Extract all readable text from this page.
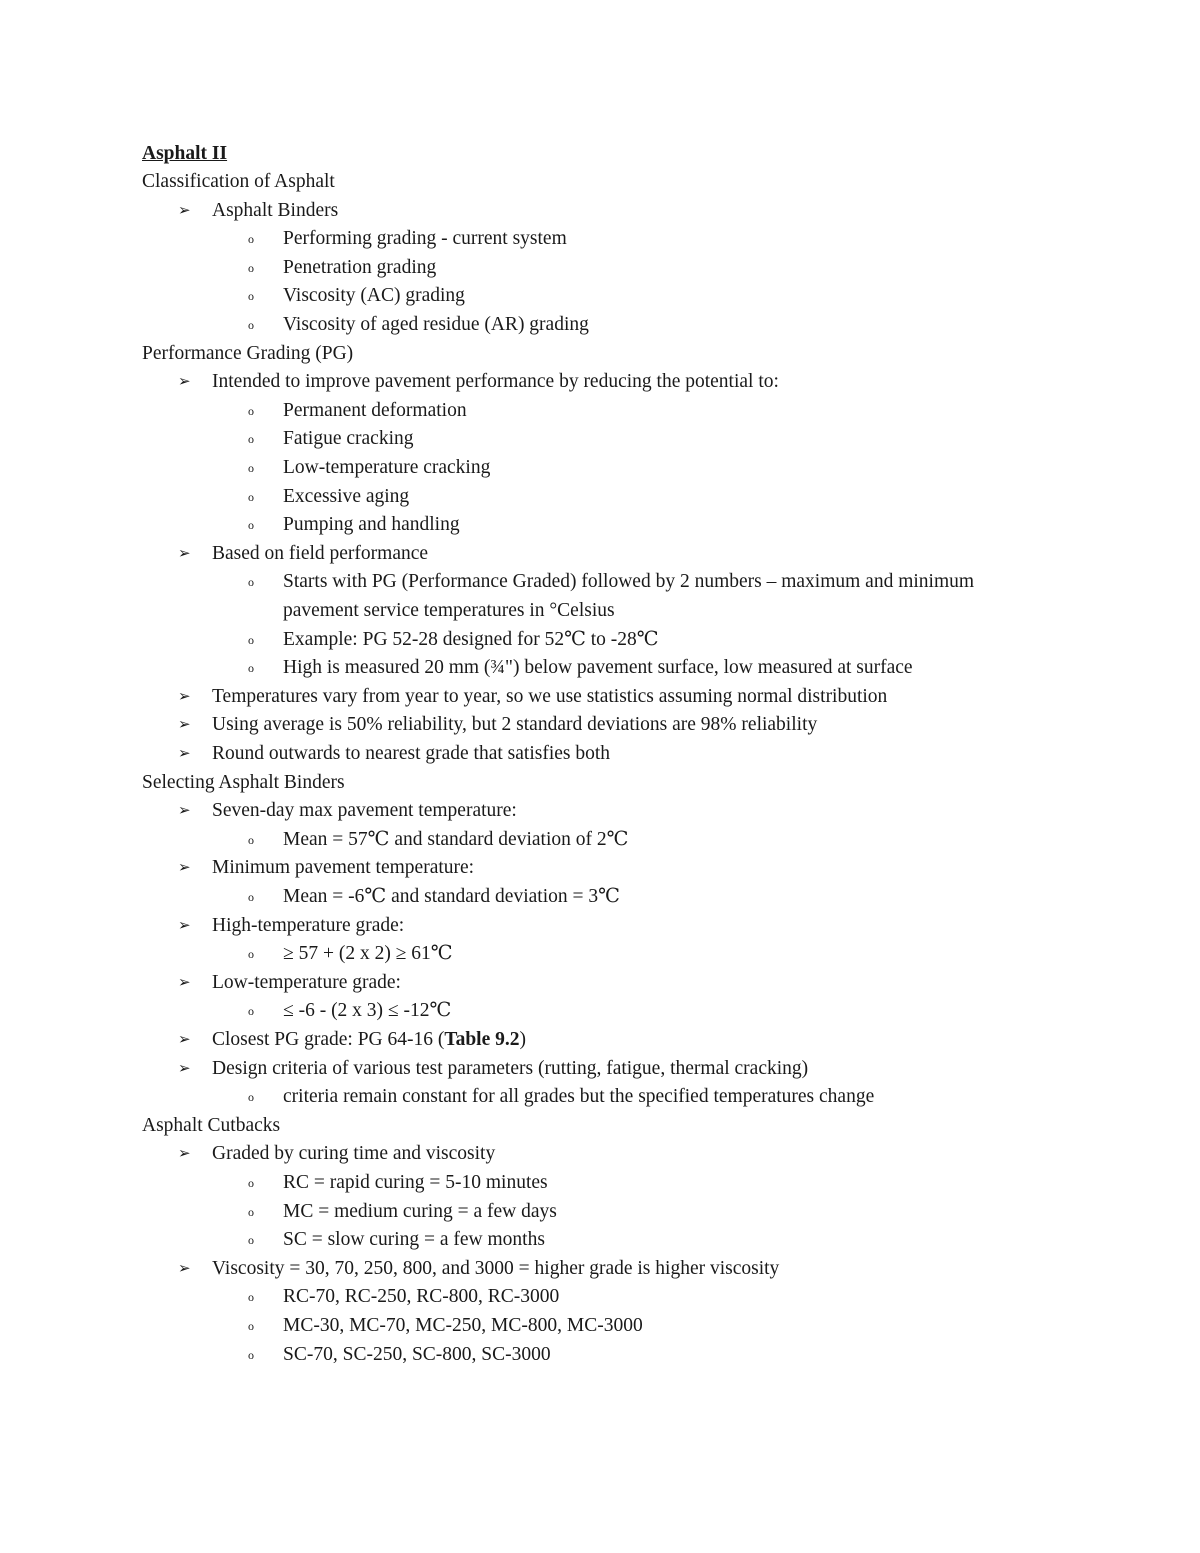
Asphalt II
Classification of Asphalt
➢ Asphalt Binders
o Performing grading - current system
o Penetration grading
o Viscosity (AC) grading
o Viscosity of aged residue (AR) grading
Performance Grading (PG)
➢ Intended to improve pavement performance by reducing the potential to:
o Permanent deformation
o Fatigue cracking
o Low-temperature cracking
o Excessive aging
o Pumping and handling
➢ Based on field performance
o Starts with PG (Performance Graded) followed by 2 numbers – maximum and minimum
pavement service temperatures in °Celsius
o Example: PG 52-28 designed for 52℃ to -28℃
o High is measured 20 mm (¾") below pavement surface, low measured at surface
➢ Temperatures vary from year to year, so we use statistics assuming normal distribution
➢ Using average is 50% reliability, but 2 standard deviations are 98% reliability
➢ Round outwards to nearest grade that satisfies both
Selecting Asphalt Binders
➢ Seven-day max pavement temperature:
o Mean = 57℃ and standard deviation of 2℃
➢ Minimum pavement temperature:
o Mean = -6℃ and standard deviation = 3℃
➢ High-temperature grade:
o ≥ 57 + (2 x 2) ≥ 61℃
➢ Low-temperature grade:
o ≤ -6 - (2 x 3) ≤ -12℃
➢ Closest PG grade: PG 64-16 (Table 9.2)
➢ Design criteria of various test parameters (rutting, fatigue, thermal cracking)
o criteria remain constant for all grades but the specified temperatures change
Asphalt Cutbacks
➢ Graded by curing time and viscosity
o RC = rapid curing = 5-10 minutes
o MC = medium curing = a few days
o SC = slow curing = a few months
➢ Viscosity = 30, 70, 250, 800, and 3000 = higher grade is higher viscosity
o RC-70, RC-250, RC-800, RC-3000
o MC-30, MC-70, MC-250, MC-800, MC-3000
o SC-70, SC-250, SC-800, SC-3000
